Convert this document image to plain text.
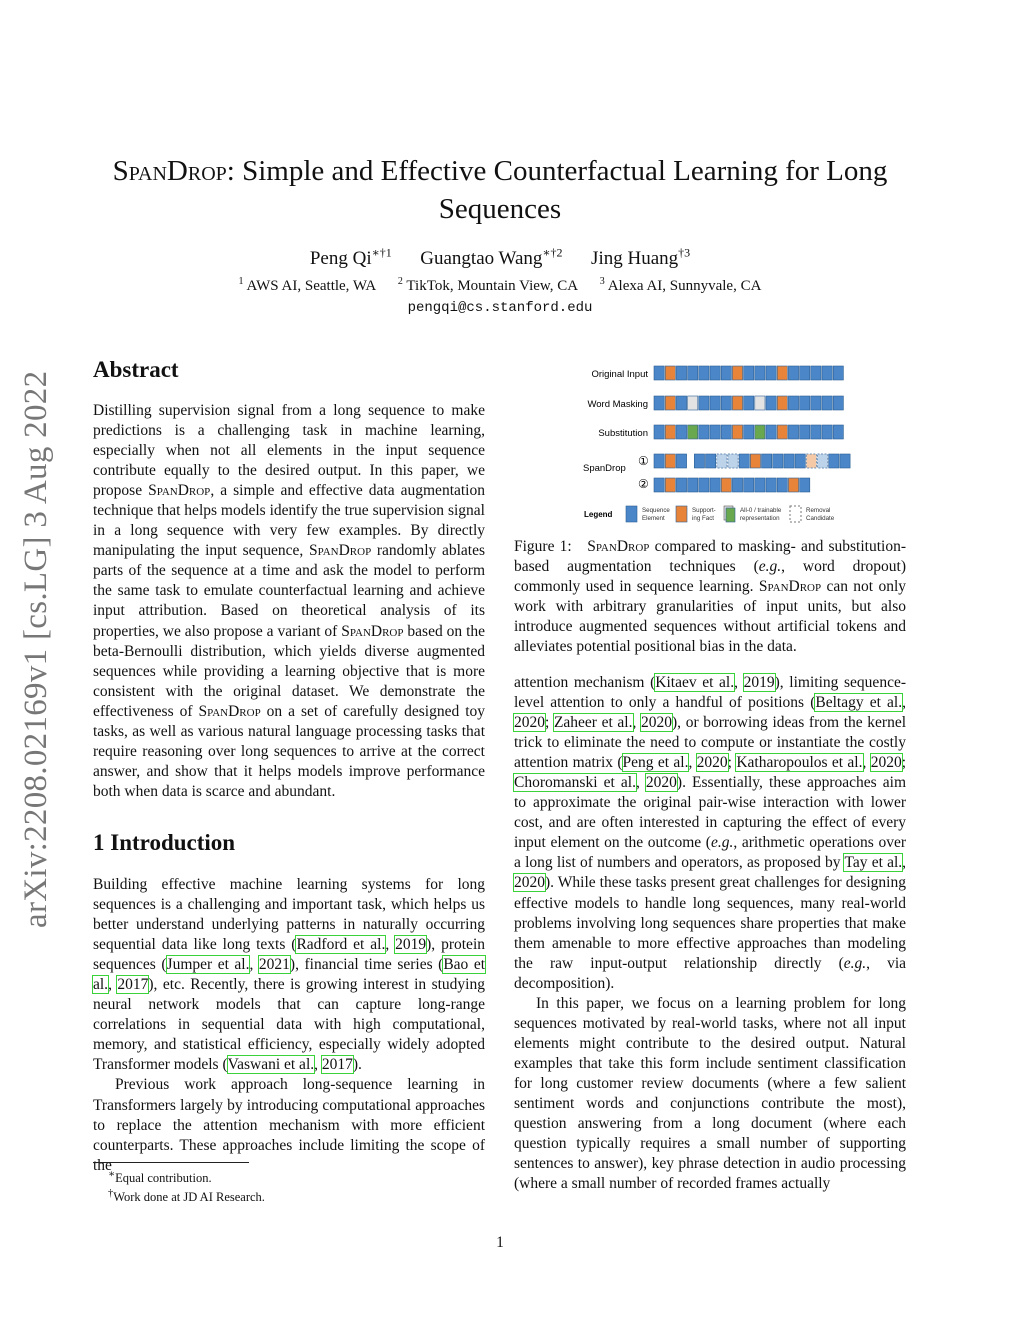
arXiv:2208.02169v1 [cs.LG] 3 Aug 2022
SpanDrop: Simple and Effective Counterfactual Learning for Long Sequences
Peng $Qi^{∗\dagger 1}$ Guangtao Wang$^{∗\dagger 2}$ Jing Huang$^{\dagger 3}$
$^1$ AWS AI, Seattle, WA $^2$ TikTok, Mountain View, CA $^3$ Alexa AI, Sunnyvale, CA
pengqi@cs.stanford.edu
Abstract
Distilling supervision signal from a long sequence to make predictions is a challenging task in machine learning, especially when not all elements in the input sequence contribute equally to the desired output. In this paper, we propose SpanDrop, a simple and effective data augmentation technique that helps models identify the true supervision signal in a long sequence with very few examples. By directly manipulating the input sequence, SpanDrop randomly ablates parts of the sequence at a time and ask the model to perform the same task to emulate counterfactual learning and achieve input attribution. Based on theoretical analysis of its properties, we also propose a variant of SpanDrop based on the beta-Bernoulli distribution, which yields diverse augmented sequences while providing a learning objective that is more consistent with the original dataset. We demonstrate the effectiveness of SpanDrop on a set of carefully designed toy tasks, as well as various natural language processing tasks that require reasoning over long sequences to arrive at the correct answer, and show that it helps models improve performance both when data is scarce and abundant.
1 Introduction

Building effective machine learning systems for long sequences is a challenging and important task, which helps us better understand underlying patterns in naturally occurring sequential data like long texts (Radford et al., 2019), protein sequences (Jumper et al., 2021), financial time series (Bao et al., 2017), etc. Recently, there is growing interest in studying neural network models that can capture long-range correlations in sequential data with high computational, memory, and statistical efficiency, especially widely adopted Transformer models (Vaswani et al., 2017).

Previous work approach long-sequence learning in Transformers largely by introducing computational approaches to replace the attention mechanism with more efficient counterparts. These approaches include limiting the scope of the

∗Equal contribution.
†Work done at JD AI Research.
Original Input
Word Masking
Substitution
SpanDrop
①
②
Legend	Sequence
Element
Support-
ing Fact
All-0 / trainable
representation
Removal
Candidate
Figure 1:   SpanDrop compared to masking- and substitution-based augmentation techniques (e.g., word dropout) commonly used in sequence learning. SpanDrop can not only work with arbitrary granularities of input units, but also introduce augmented sequences without artificial tokens and alleviates potential positional bias in the data.

attention mechanism (Kitaev et al., 2019), limiting sequence-level attention to only a handful of positions (Beltagy et al., 2020; Zaheer et al., 2020), or borrowing ideas from the kernel trick to eliminate the need to compute or instantiate the costly attention matrix (Peng et al., 2020; Katharopoulos et al., 2020; Choromanski et al., 2020). Essentially, these approaches aim to approximate the original pair-wise interaction with lower cost, and are often interested in capturing the effect of every input element on the outcome (e.g., arithmetic operations over a long list of numbers and operators, as proposed by Tay et al., 2020). While these tasks present great challenges for designing effective models to handle long sequences, many real-world problems involving long sequences share properties that make them amenable to more effective approaches than modeling the raw input-output relationship directly (e.g., via decomposition).

In this paper, we focus on a learning problem for long sequences motivated by real-world tasks, where not all input elements might contribute to the desired output. Natural examples that take this form include sentiment classification for long customer review documents (where a few salient sentiment words and conjunctions contribute the most), question answering from a long document (where each question typically requires a small number of supporting sentences to answer), key phrase detection in audio processing (where a small number of recorded frames actually

1
